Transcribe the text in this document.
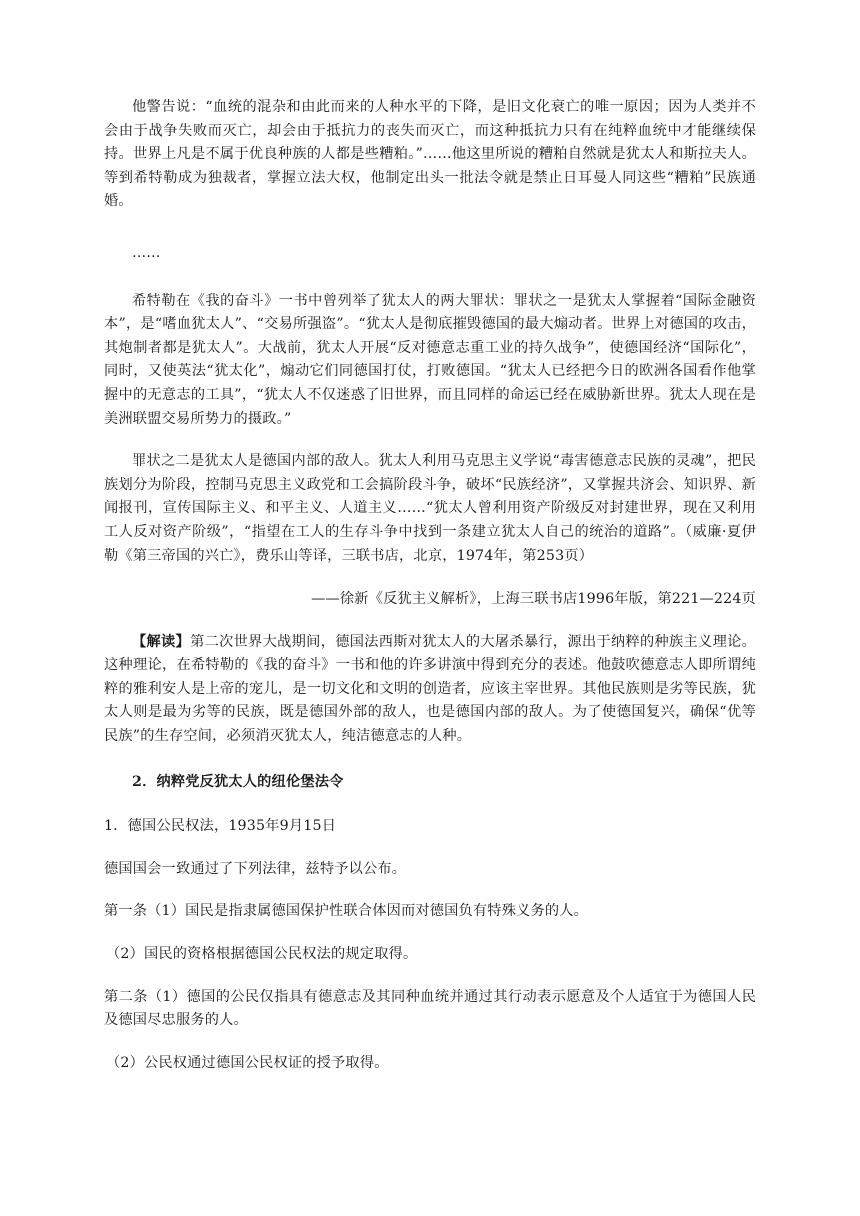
他警告说：“血统的混杂和由此而来的人种水平的下降，是旧文化衰亡的唯一原因；因为人类并不会由于战争失败而灭亡，却会由于抵抗力的丧失而灭亡，而这种抵抗力只有在纯粹血统中才能继续保持。世界上凡是不属于优良种族的人都是些糟粕。”……他这里所说的糟粕自然就是犹太人和斯拉夫人。等到希特勒成为独裁者，掌握立法大权，他制定出头一批法令就是禁止日耳曼人同这些“糟粕”民族通婚。

……

希特勒在《我的奋斗》一书中曾列举了犹太人的两大罪状：罪状之一是犹太人掌握着“国际金融资本”，是“嗜血犹太人”、“交易所强盗”。“犹太人是彻底摧毁德国的最大煽动者。世界上对德国的攻击，其炮制者都是犹太人”。大战前，犹太人开展“反对德意志重工业的持久战争”，使德国经济“国际化”，同时，又使英法“犹太化”，煽动它们同德国打仗，打败德国。“犹太人已经把今日的欧洲各国看作他掌握中的无意志的工具”，“犹太人不仅迷惑了旧世界，而且同样的命运已经在威胁新世界。犹太人现在是美洲联盟交易所势力的摄政。”

罪状之二是犹太人是德国内部的敌人。犹太人利用马克思主义学说“毒害德意志民族的灵魂”，把民族划分为阶段，控制马克思主义政党和工会搞阶段斗争，破坏“民族经济”，又掌握共济会、知识界、新闻报刊，宣传国际主义、和平主义、人道主义……“犹太人曾利用资产阶级反对封建世界，现在又利用工人反对资产阶级”，“指望在工人的生存斗争中找到一条建立犹太人自己的统治的道路”。（威廉·夏伊勒《第三帝国的兴亡》，费乐山等译，三联书店，北京，1974年，第253页）

——徐新《反犹主义解析》，上海三联书店1996年版，第221—224页

【解读】第二次世界大战期间，德国法西斯对犹太人的大屠杀暴行，源出于纳粹的种族主义理论。这种理论，在希特勒的《我的奋斗》一书和他的许多讲演中得到充分的表述。他鼓吹德意志人即所谓纯粹的雅利安人是上帝的宠儿，是一切文化和文明的创造者，应该主宰世界。其他民族则是劣等民族，犹太人则是最为劣等的民族，既是德国外部的敌人，也是德国内部的敌人。为了使德国复兴，确保“优等民族”的生存空间，必须消灭犹太人，纯洁德意志的人种。

2．纳粹党反犹太人的纽伦堡法令

1．德国公民权法，1935年9月15日

德国国会一致通过了下列法律，兹特予以公布。

第一条（1）国民是指隶属德国保护性联合体因而对德国负有特殊义务的人。

（2）国民的资格根据德国公民权法的规定取得。

第二条（1）德国的公民仅指具有德意志及其同种血统并通过其行动表示愿意及个人适宜于为德国人民及德国尽忠服务的人。

（2）公民权通过德国公民权证的授予取得。
